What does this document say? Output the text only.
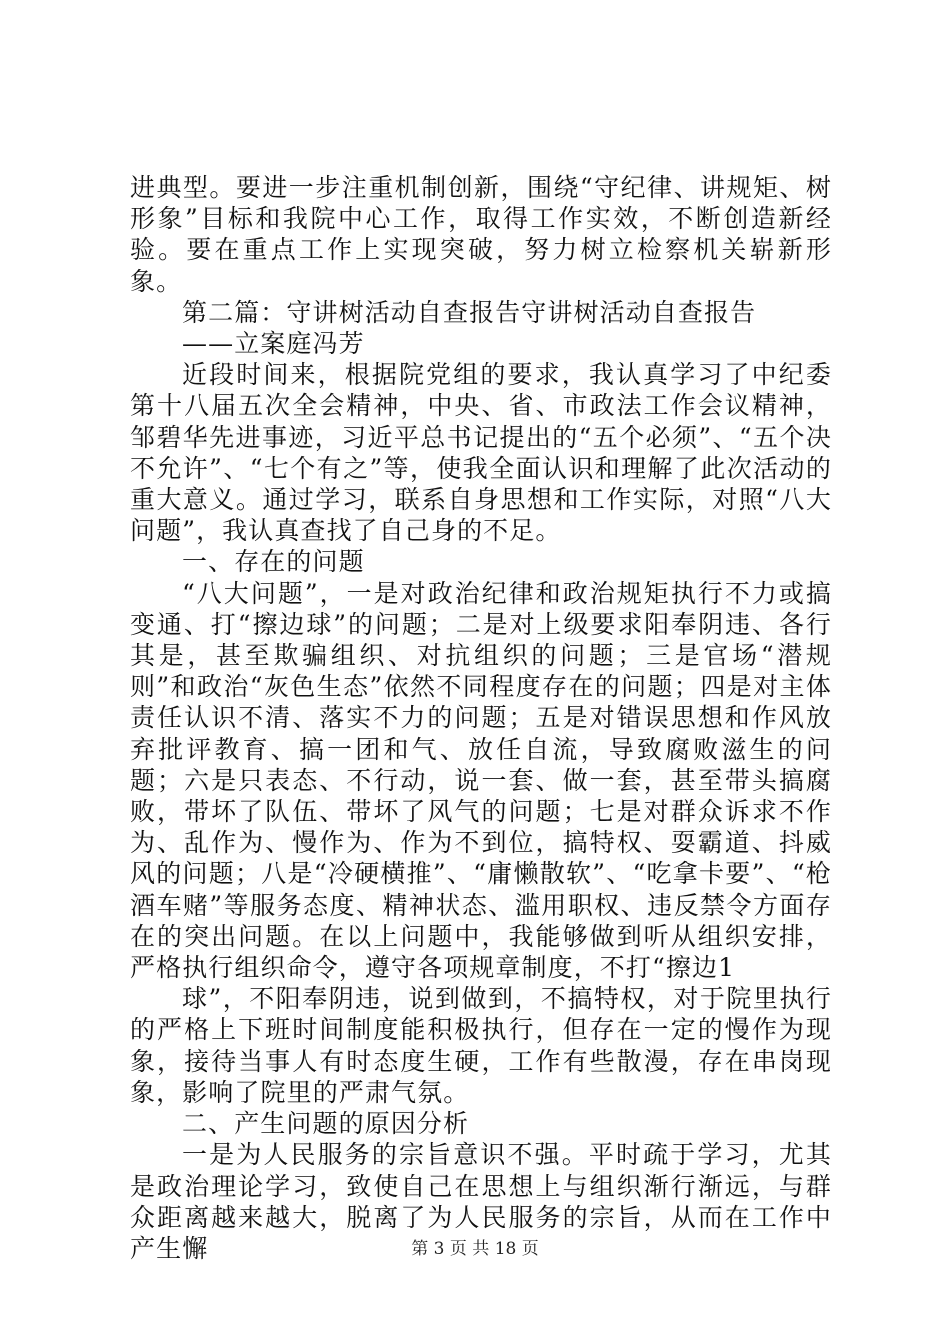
进典型。要进一步注重机制创新，围绕“守纪律、讲规矩、树形象”目标和我院中心工作，取得工作实效，不断创造新经验。要在重点工作上实现突破，努力树立检察机关崭新形象。

第二篇：守讲树活动自查报告守讲树活动自查报告

——立案庭冯芳

近段时间来，根据院党组的要求，我认真学习了中纪委第十八届五次全会精神，中央、省、市政法工作会议精神，邹碧华先进事迹，习近平总书记提出的“五个必须”、“五个决不允许”、“七个有之”等，使我全面认识和理解了此次活动的重大意义。通过学习，联系自身思想和工作实际，对照“八大问题”，我认真查找了自己身的不足。

一、存在的问题

“八大问题”，一是对政治纪律和政治规矩执行不力或搞变通、打“擦边球”的问题；二是对上级要求阳奉阴违、各行其是，甚至欺骗组织、对抗组织的问题；三是官场“潜规则”和政治“灰色生态”依然不同程度存在的问题；四是对主体责任认识不清、落实不力的问题；五是对错误思想和作风放弃批评教育、搞一团和气、放任自流，导致腐败滋生的问题；六是只表态、不行动，说一套、做一套，甚至带头搞腐败，带坏了队伍、带坏了风气的问题；七是对群众诉求不作为、乱作为、慢作为、作为不到位，搞特权、耍霸道、抖威风的问题；八是“冷硬横推”、“庸懒散软”、“吃拿卡要”、“枪酒车赌”等服务态度、精神状态、滥用职权、违反禁令方面存在的突出问题。在以上问题中，我能够做到听从组织安排，严格执行组织命令，遵守各项规章制度，不打“擦边1

球”，不阳奉阴违，说到做到，不搞特权，对于院里执行的严格上下班时间制度能积极执行，但存在一定的慢作为现象，接待当事人有时态度生硬，工作有些散漫，存在串岗现象，影响了院里的严肃气氛。

二、产生问题的原因分析

一是为人民服务的宗旨意识不强。平时疏于学习，尤其是政治理论学习，致使自己在思想上与组织渐行渐远，与群众距离越来越大，脱离了为人民服务的宗旨，从而在工作中产生懈	第 3 页 共 18 页
